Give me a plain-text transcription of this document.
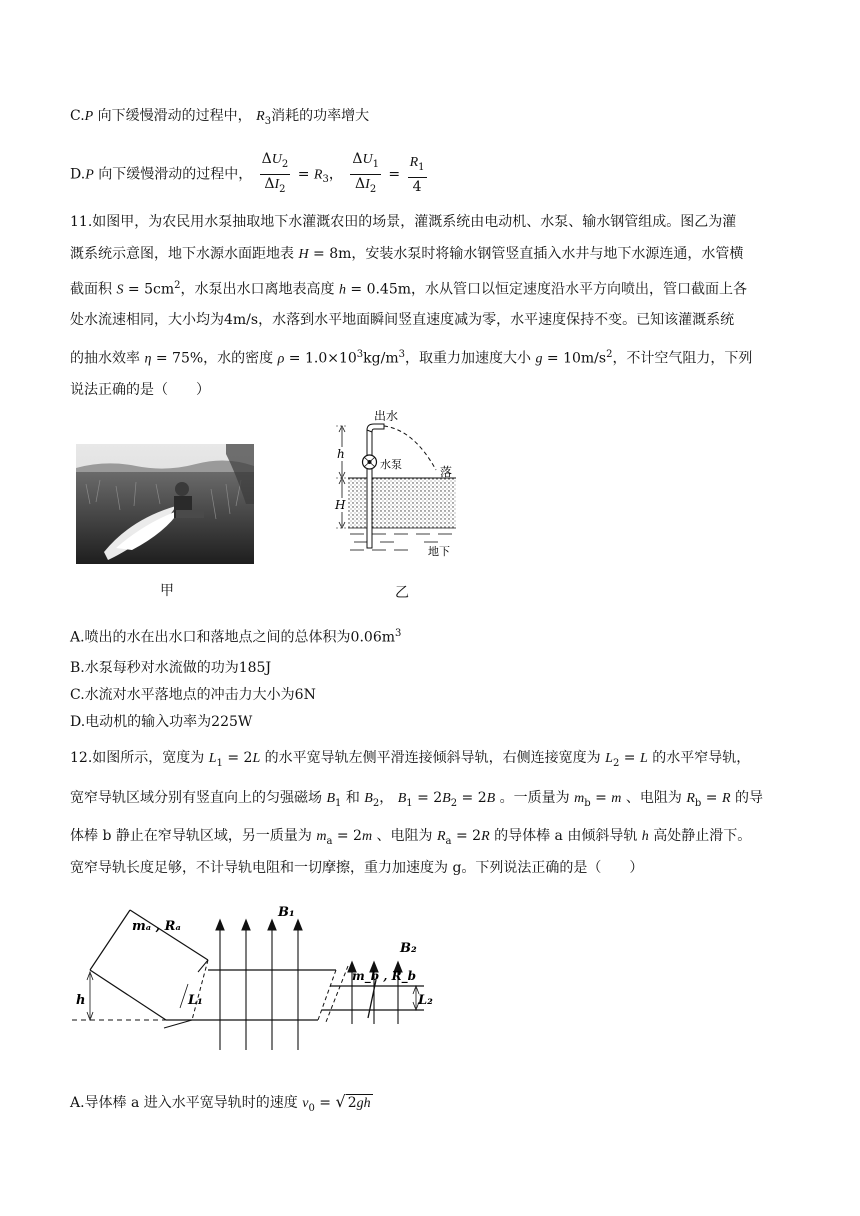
C.P 向下缓慢滑动的过程中， $R_3$消耗的功率增大
D.P 向下缓慢滑动的过程中， $\frac{\Delta U_2}{\Delta I_2} = R_3$， $\frac{\Delta U_1}{\Delta I_2} = \frac{R_1}{4}$
11.如图甲，为农民用水泵抽取地下水灌溉农田的场景，灌溉系统由电动机、水泵、输水钢管组成。图乙为灌
溉系统示意图，地下水源水面距地表 H = 8m，安装水泵时将输水钢管竖直插入水井与地下水源连通，水管横
截面积 $S = 5cm^2$，水泵出水口离地表高度 h = 0.45m，水从管口以恒定速度沿水平方向喷出，管口截面上各
处水流速相同，大小均为4m/s，水落到水平地面瞬间竖直速度减为零，水平速度保持不变。已知该灌溉系统
的抽水效率 η = 75%，水的密度 $\rho = 1.0\times 10^3kg/m^3$，取重力加速度大小 $g = 10m/s^2$，不计空气阻力，下列
说法正确的是（　　）
甲
h
H
出水
水泵
落
地下
乙
A.喷出的水在出水口和落地点之间的总体积为$0.06m^3$
B.水泵每秒对水流做的功为185J
C.水流对水平落地点的冲击力大小为6N
D.电动机的输入功率为225W
12.如图所示，宽度为 $L_1 = 2L$ 的水平宽导轨左侧平滑连接倾斜导轨，右侧连接宽度为 $L_2 = L$ 的水平窄导轨，
宽窄导轨区域分别有竖直向上的匀强磁场 $B_1$ 和 $B_2$， $B_1 = 2B_2 = 2B$ 。一质量为 $m_b = m$ 、电阻为 $R_b = R$ 的导
体棒 b 静止在窄导轨区域，另一质量为 $m_a = 2m$ 、电阻为 $R_a = 2R$ 的导体棒 a 由倾斜导轨 h 高处静止滑下。
宽窄导轨长度足够，不计导轨电阻和一切摩擦，重力加速度为 g。下列说法正确的是（　　）
h	L₁	L₂
mₐ , Rₐ
B₁
B₂
m_b , R_b
A.导体棒 a 进入水平宽导轨时的速度 $v_0$ = √ 2gh
